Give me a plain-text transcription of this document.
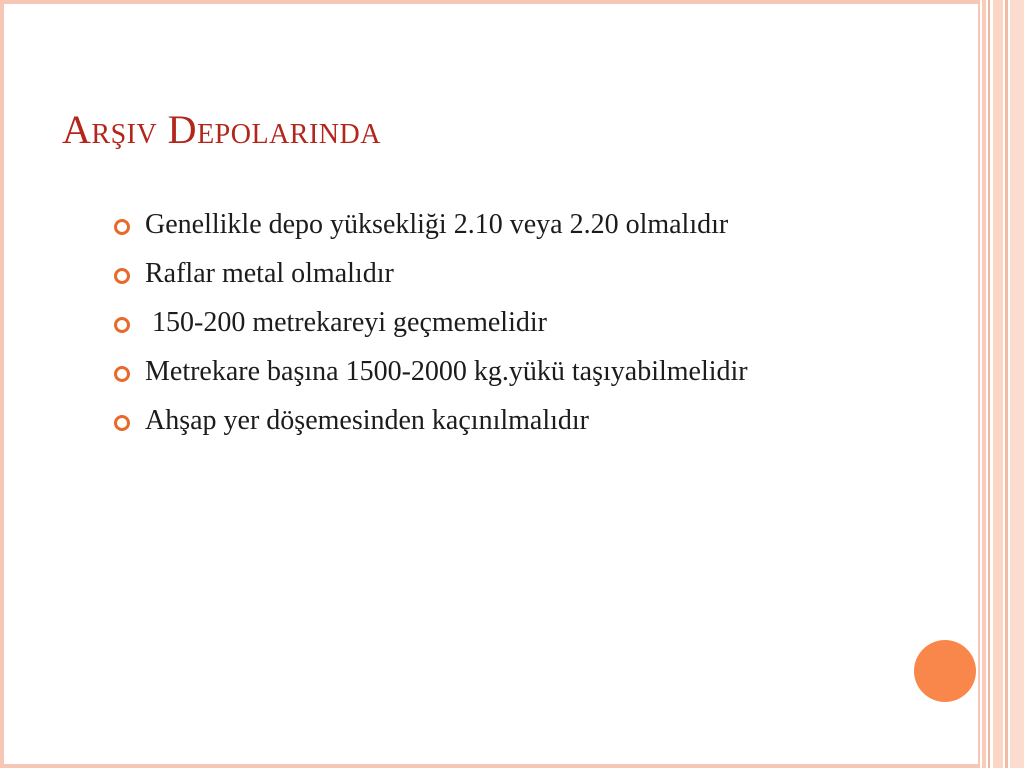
Arşiv Depolarında
Genellikle depo yüksekliği 2.10 veya 2.20 olmalıdır
Raflar metal olmalıdır
150-200 metrekareyi geçmemelidir
Metrekare başına 1500-2000 kg.yükü taşıyabilmelidir
Ahşap yer döşemesinden kaçınılmalıdır
